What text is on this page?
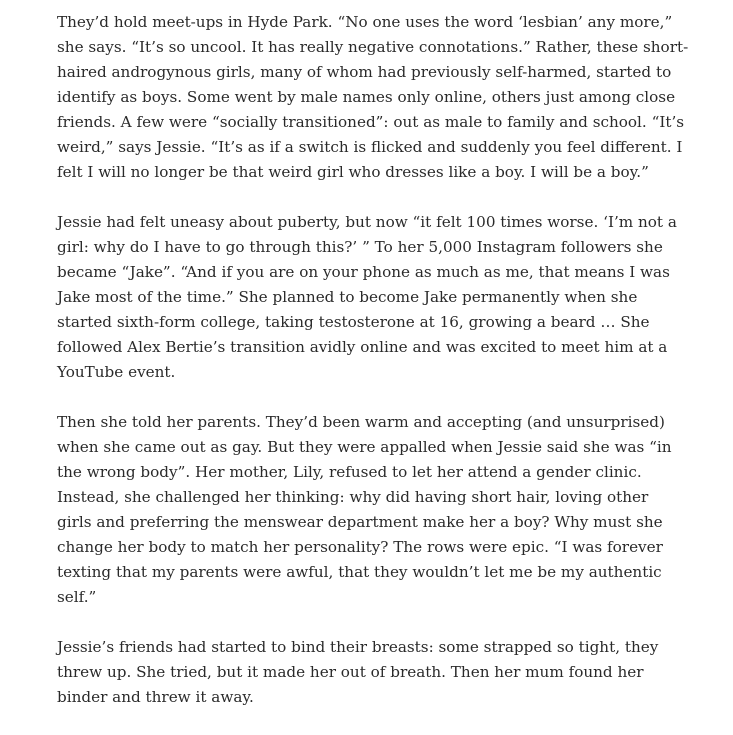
They’d hold meet-ups in Hyde Park. “No one uses the word ‘lesbian’ any more,”
she says. “It’s so uncool. It has really negative connotations.” Rather, these short-
haired androgynous girls, many of whom had previously self-harmed, started to
identify as boys. Some went by male names only online, others just among close
friends. A few were “socially transitioned”: out as male to family and school. “It’s
weird,” says Jessie. “It’s as if a switch is flicked and suddenly you feel different. I
felt I will no longer be that weird girl who dresses like a boy. I will be a boy.”

Jessie had felt uneasy about puberty, but now “it felt 100 times worse. ‘I’m not a
girl: why do I have to go through this?’ ” To her 5,000 Instagram followers she
became “Jake”. “And if you are on your phone as much as me, that means I was
Jake most of the time.” She planned to become Jake permanently when she
started sixth-form college, taking testosterone at 16, growing a beard … She
followed Alex Bertie’s transition avidly online and was excited to meet him at a
YouTube event.

Then she told her parents. They’d been warm and accepting (and unsurprised)
when she came out as gay. But they were appalled when Jessie said she was “in
the wrong body”. Her mother, Lily, refused to let her attend a gender clinic.
Instead, she challenged her thinking: why did having short hair, loving other
girls and preferring the menswear department make her a boy? Why must she
change her body to match her personality? The rows were epic. “I was forever
texting that my parents were awful, that they wouldn’t let me be my authentic
self.”

Jessie’s friends had started to bind their breasts: some strapped so tight, they
threw up. She tried, but it made her out of breath. Then her mum found her
binder and threw it away.
